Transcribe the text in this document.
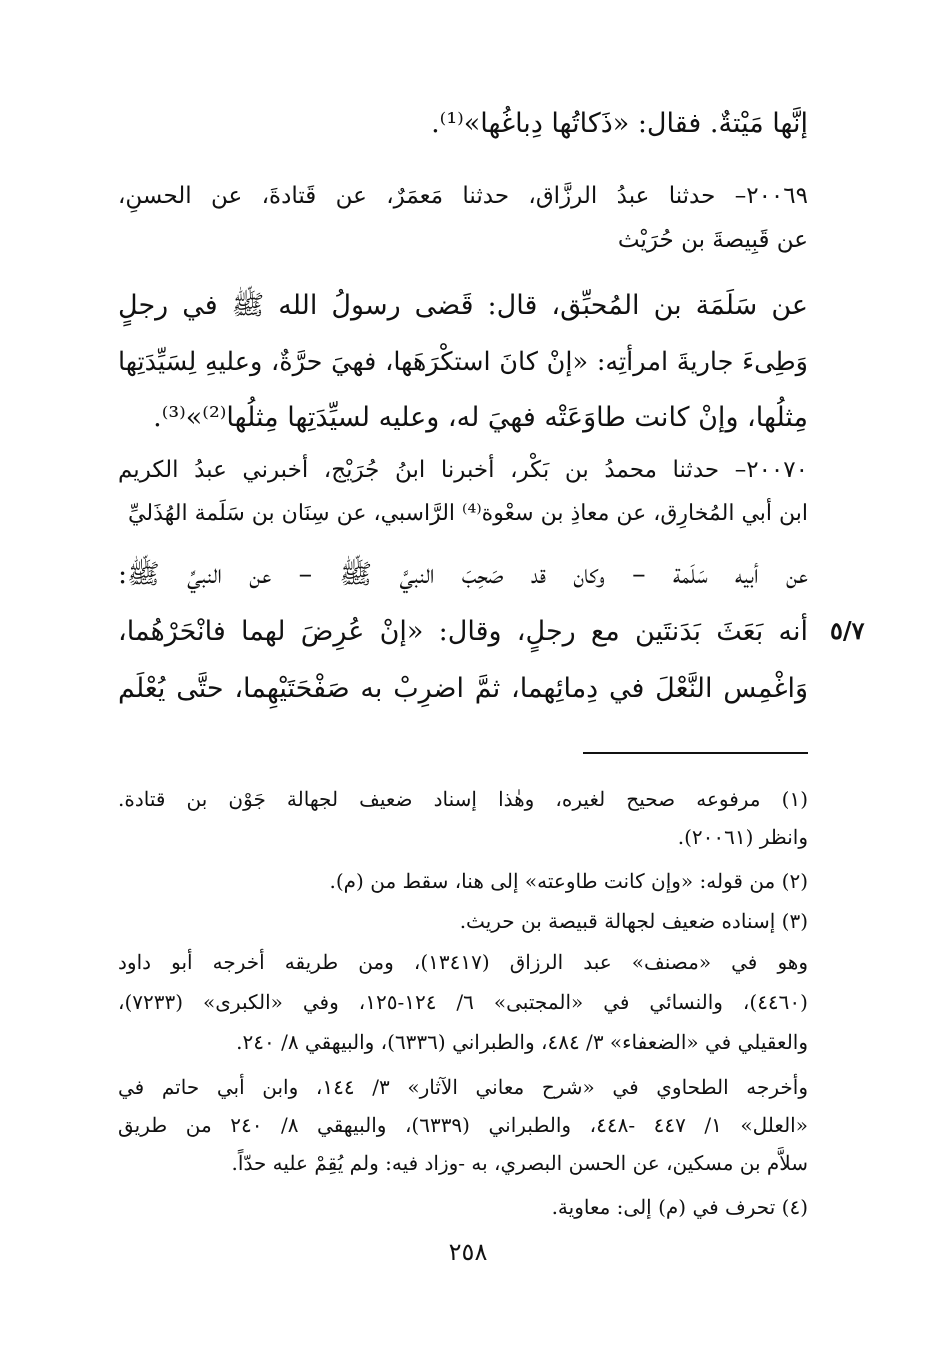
إنَّها مَيْتةٌ. فقال: «ذَكاتُها دِباغُها»⁽¹⁾.
٢٠٠٦٩– حدثنا عبدُ الرزَّاق، حدثنا مَعمَرٌ، عن قَتادةَ، عن الحسنِ،
عن قَبِيصةَ بن حُرَيْث
عن سَلَمَة بن المُحبِّق، قال: قَضى رسولُ الله ﷺ في رجلٍ
وَطِىءَ جاريةَ امرأتِه: «إنْ كانَ استكْرَهَها، فهيَ حرَّةٌ، وعليهِ لِسَيِّدَتِها
مِثلُها، وإنْ كانت طاوَعَتْه فهيَ له، وعليه لسيِّدَتِها مِثلُها⁽²⁾»⁽³⁾.
٢٠٠٧٠– حدثنا محمدُ بن بَكْر، أخبرنا ابنُ جُرَيْج، أخبرني عبدُ الكريم
ابن أبي المُخارِق، عن معاذِ بن سعْوة⁽⁴⁾ الرَّاسبي، عن سِنَان بن سَلَمة الهُذَليِّ
عن أبيه سَلَمة – وكان قد صَحِبَ النبيَّ ﷺ – عن النبيِّ ﷺ:
أنه بَعَثَ بَدَنتَين مع رجلٍ، وقال: «إنْ عُرِضَ لهما فانْحَرْهُما،
وَاغْمِس النَّعْلَ في دِمائِهما، ثمَّ اضرِبْ به صَفْحَتَيْهِما، حتَّى يُعْلَم
٥/٧
(١) مرفوعه صحيح لغيره، وهٰذا إسناد ضعيف لجهالة جَوْن بن قتادة.
وانظر (٢٠٠٦١).
(٢) من قوله: «وإن كانت طاوعته» إلى هنا، سقط من (م).
(٣) إسناده ضعيف لجهالة قبيصة بن حريث.
وهو في «مصنف» عبد الرزاق (١٣٤١٧)، ومن طريقه أخرجه أبو داود
(٤٤٦٠)، والنسائي في «المجتبى» ٦/ ١٢٤-١٢٥، وفي «الكبرى» (٧٢٣٣)،
والعقيلي في «الضعفاء» ٣/ ٤٨٤، والطبراني (٦٣٣٦)، والبيهقي ٨/ ٢٤٠.
وأخرجه الطحاوي في «شرح معاني الآثار» ٣/ ١٤٤، وابن أبي حاتم في
«العلل» ١/ ٤٤٧ -٤٤٨، والطبراني (٦٣٣٩)، والبيهقي ٨/ ٢٤٠ من طريق
سلاَّم بن مسكين، عن الحسن البصري، به -وزاد فيه: ولم يُقِمْ عليه حدّاً.
(٤) تحرف في (م) إلى: معاوية.
٢٥٨
